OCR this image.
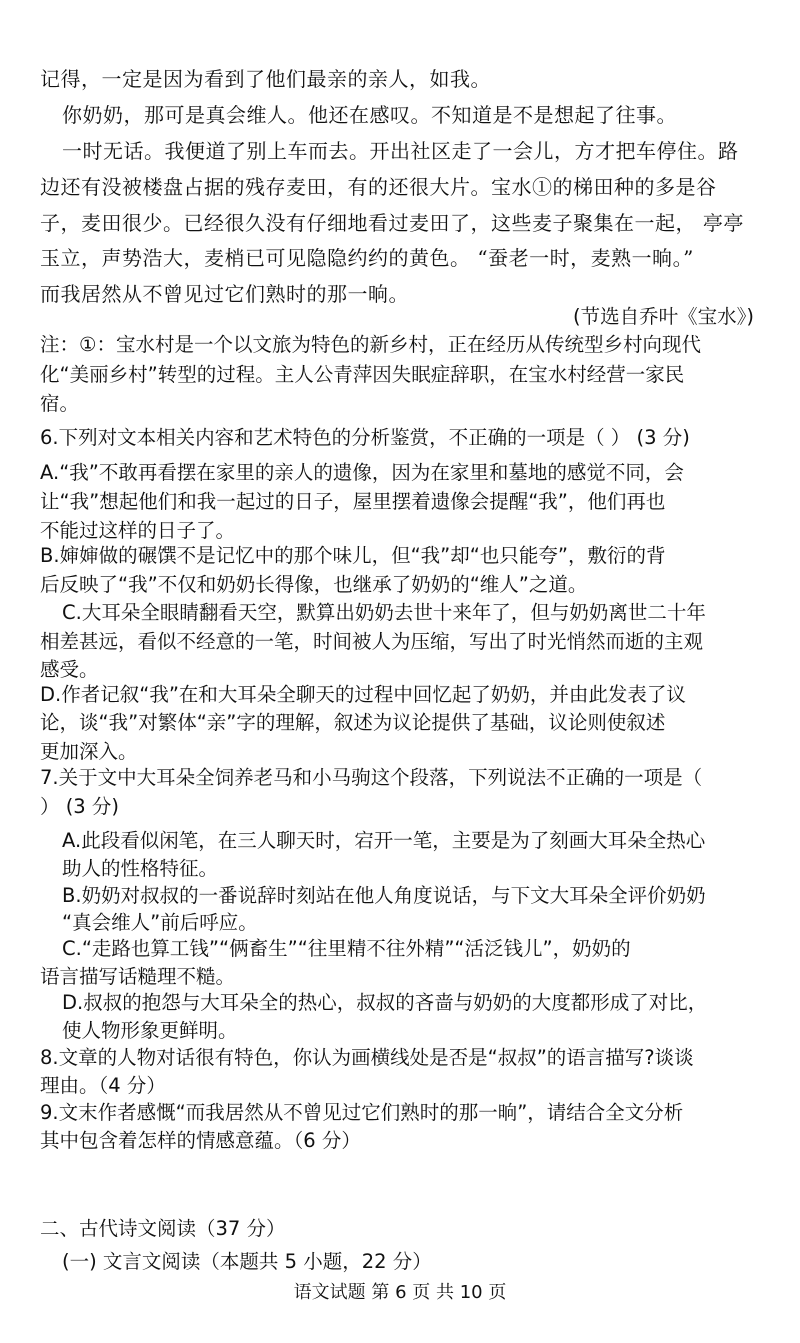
记得，一定是因为看到了他们最亲的亲人，如我。
你奶奶，那可是真会维人。他还在感叹。不知道是不是想起了往事。
一时无话。我便道了别上车而去。开出社区走了一会儿，方才把车停住。路
边还有没被楼盘占据的残存麦田，有的还很大片。宝水①的梯田种的多是谷
子，麦田很少。已经很久没有仔细地看过麦田了，这些麦子聚集在一起， 亭亭
玉立，声势浩大，麦梢已可见隐隐约约的黄色。 “蚕老一时，麦熟一晌。”
而我居然从不曾见过它们熟时的那一晌。
(节选自乔叶《宝水》)
注：①：宝水村是一个以文旅为特色的新乡村，正在经历从传统型乡村向现代
化“美丽乡村”转型的过程。主人公青萍因失眠症辞职，在宝水村经营一家民
宿。
6.下列对文本相关内容和艺术特色的分析鉴赏，不正确的一项是（ ） (3 分)
A.“我”不敢再看摆在家里的亲人的遗像，因为在家里和墓地的感觉不同，会
让“我”想起他们和我一起过的日子，屋里摆着遗像会提醒“我”，他们再也
不能过这样的日子了。
B.婶婶做的碾馔不是记忆中的那个味儿，但“我”却“也只能夸”，敷衍的背
后反映了“我”不仅和奶奶长得像，也继承了奶奶的“维人”之道。
C.大耳朵全眼睛翻看天空，默算出奶奶去世十来年了，但与奶奶离世二十年
相差甚远，看似不经意的一笔，时间被人为压缩，写出了时光悄然而逝的主观
感受。
D.作者记叙“我”在和大耳朵全聊天的过程中回忆起了奶奶，并由此发表了议
论，谈“我”对繁体“亲”字的理解，叙述为议论提供了基础，议论则使叙述
更加深入。
7.关于文中大耳朵全饲养老马和小马驹这个段落，下列说法不正确的一项是（
） (3 分)
A.此段看似闲笔，在三人聊天时，宕开一笔，主要是为了刻画大耳朵全热心
助人的性格特征。
B.奶奶对叔叔的一番说辞时刻站在他人角度说话，与下文大耳朵全评价奶奶
“真会维人”前后呼应。
C.“走路也算工钱”“俩畜生”“往里精不往外精”“活泛钱儿”，奶奶的
语言描写话糙理不糙。
D.叔叔的抱怨与大耳朵全的热心，叔叔的吝啬与奶奶的大度都形成了对比，
使人物形象更鲜明。
8.文章的人物对话很有特色，你认为画横线处是否是“叔叔”的语言描写?谈谈
理由。（4 分）
9.文末作者感慨“而我居然从不曾见过它们熟时的那一晌”，请结合全文分析
其中包含着怎样的情感意蕴。（6 分）
二、古代诗文阅读（37 分）
(一) 文言文阅读（本题共 5 小题，22 分）
语文试题 第 6 页 共 10 页
